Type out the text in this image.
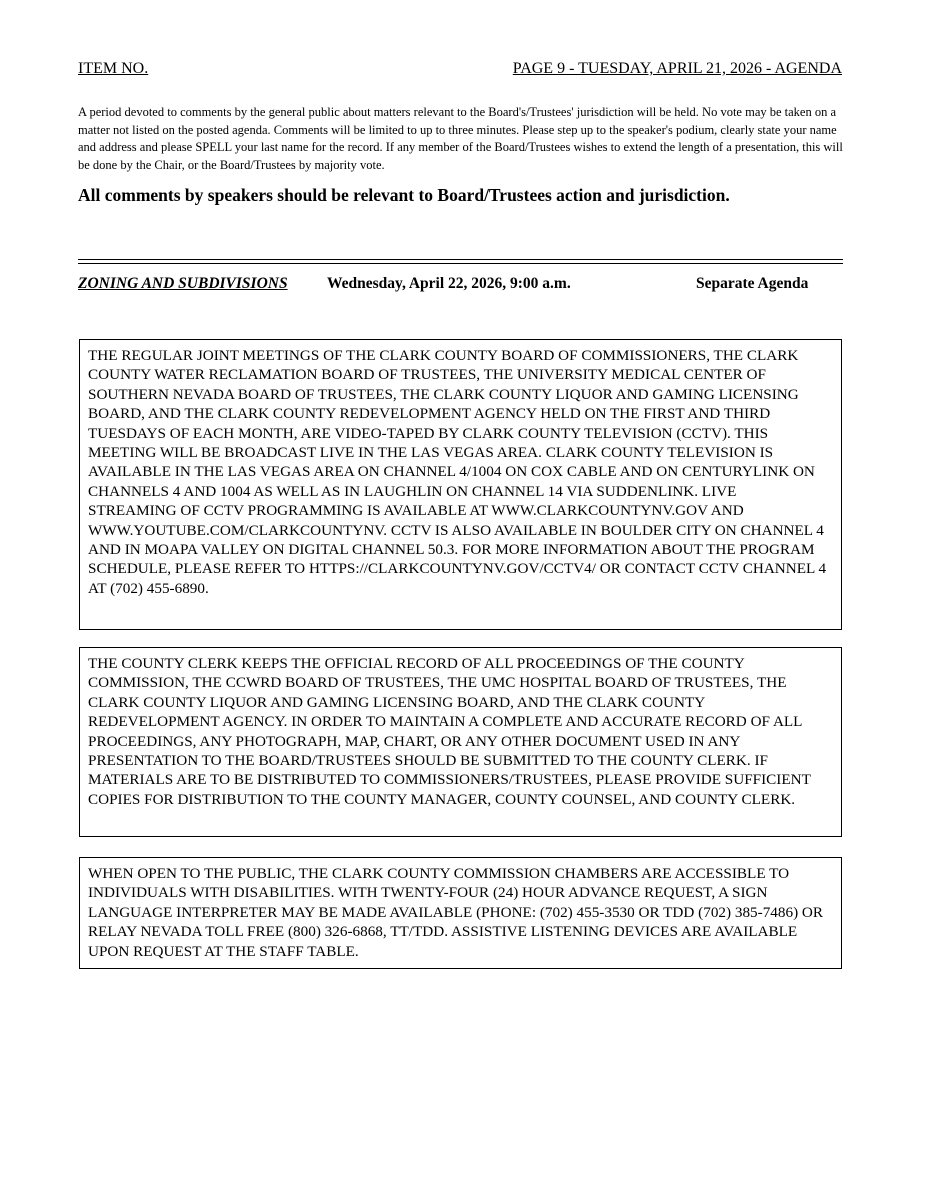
ITEM NO.	PAGE 9 - TUESDAY, APRIL 21, 2026 - AGENDA

A period devoted to comments by the general public about matters relevant to the Board's/Trustees' jurisdiction will be held. No vote may be taken on a matter not listed on the posted agenda. Comments will be limited to up to three minutes. Please step up to the speaker's podium, clearly state your name and address and please SPELL your last name for the record. If any member of the Board/Trustees wishes to extend the length of a presentation, this will be done by the Chair, or the Board/Trustees by majority vote.

All comments by speakers should be relevant to Board/Trustees action and jurisdiction.

ZONING AND SUBDIVISIONS	Wednesday, April 22, 2026, 9:00 a.m.	Separate Agenda

THE REGULAR JOINT MEETINGS OF THE CLARK COUNTY BOARD OF COMMISSIONERS, THE CLARK COUNTY WATER RECLAMATION BOARD OF TRUSTEES, THE UNIVERSITY MEDICAL CENTER OF SOUTHERN NEVADA BOARD OF TRUSTEES, THE CLARK COUNTY LIQUOR AND GAMING LICENSING BOARD, AND THE CLARK COUNTY REDEVELOPMENT AGENCY HELD ON THE FIRST AND THIRD TUESDAYS OF EACH MONTH, ARE VIDEO-TAPED BY CLARK COUNTY TELEVISION (CCTV). THIS MEETING WILL BE BROADCAST LIVE IN THE LAS VEGAS AREA. CLARK COUNTY TELEVISION IS AVAILABLE IN THE LAS VEGAS AREA ON CHANNEL 4/1004 ON COX CABLE AND ON CENTURYLINK ON CHANNELS 4 AND 1004 AS WELL AS IN LAUGHLIN ON CHANNEL 14 VIA SUDDENLINK. LIVE STREAMING OF CCTV PROGRAMMING IS AVAILABLE AT WWW.CLARKCOUNTYNV.GOV AND WWW.YOUTUBE.COM/CLARKCOUNTYNV. CCTV IS ALSO AVAILABLE IN BOULDER CITY ON CHANNEL 4 AND IN MOAPA VALLEY ON DIGITAL CHANNEL 50.3. FOR MORE INFORMATION ABOUT THE PROGRAM SCHEDULE, PLEASE REFER TO HTTPS://CLARKCOUNTYNV.GOV/CCTV4/ OR CONTACT CCTV CHANNEL 4 AT (702) 455-6890.

THE COUNTY CLERK KEEPS THE OFFICIAL RECORD OF ALL PROCEEDINGS OF THE COUNTY COMMISSION, THE CCWRD BOARD OF TRUSTEES, THE UMC HOSPITAL BOARD OF TRUSTEES, THE CLARK COUNTY LIQUOR AND GAMING LICENSING BOARD, AND THE CLARK COUNTY REDEVELOPMENT AGENCY. IN ORDER TO MAINTAIN A COMPLETE AND ACCURATE RECORD OF ALL PROCEEDINGS, ANY PHOTOGRAPH, MAP, CHART, OR ANY OTHER DOCUMENT USED IN ANY PRESENTATION TO THE BOARD/TRUSTEES SHOULD BE SUBMITTED TO THE COUNTY CLERK. IF MATERIALS ARE TO BE DISTRIBUTED TO COMMISSIONERS/TRUSTEES, PLEASE PROVIDE SUFFICIENT COPIES FOR DISTRIBUTION TO THE COUNTY MANAGER, COUNTY COUNSEL, AND COUNTY CLERK.

WHEN OPEN TO THE PUBLIC, THE CLARK COUNTY COMMISSION CHAMBERS ARE ACCESSIBLE TO INDIVIDUALS WITH DISABILITIES. WITH TWENTY-FOUR (24) HOUR ADVANCE REQUEST, A SIGN LANGUAGE INTERPRETER MAY BE MADE AVAILABLE (PHONE: (702) 455-3530 OR TDD (702) 385-7486) OR RELAY NEVADA TOLL FREE (800) 326-6868, TT/TDD. ASSISTIVE LISTENING DEVICES ARE AVAILABLE UPON REQUEST AT THE STAFF TABLE.
